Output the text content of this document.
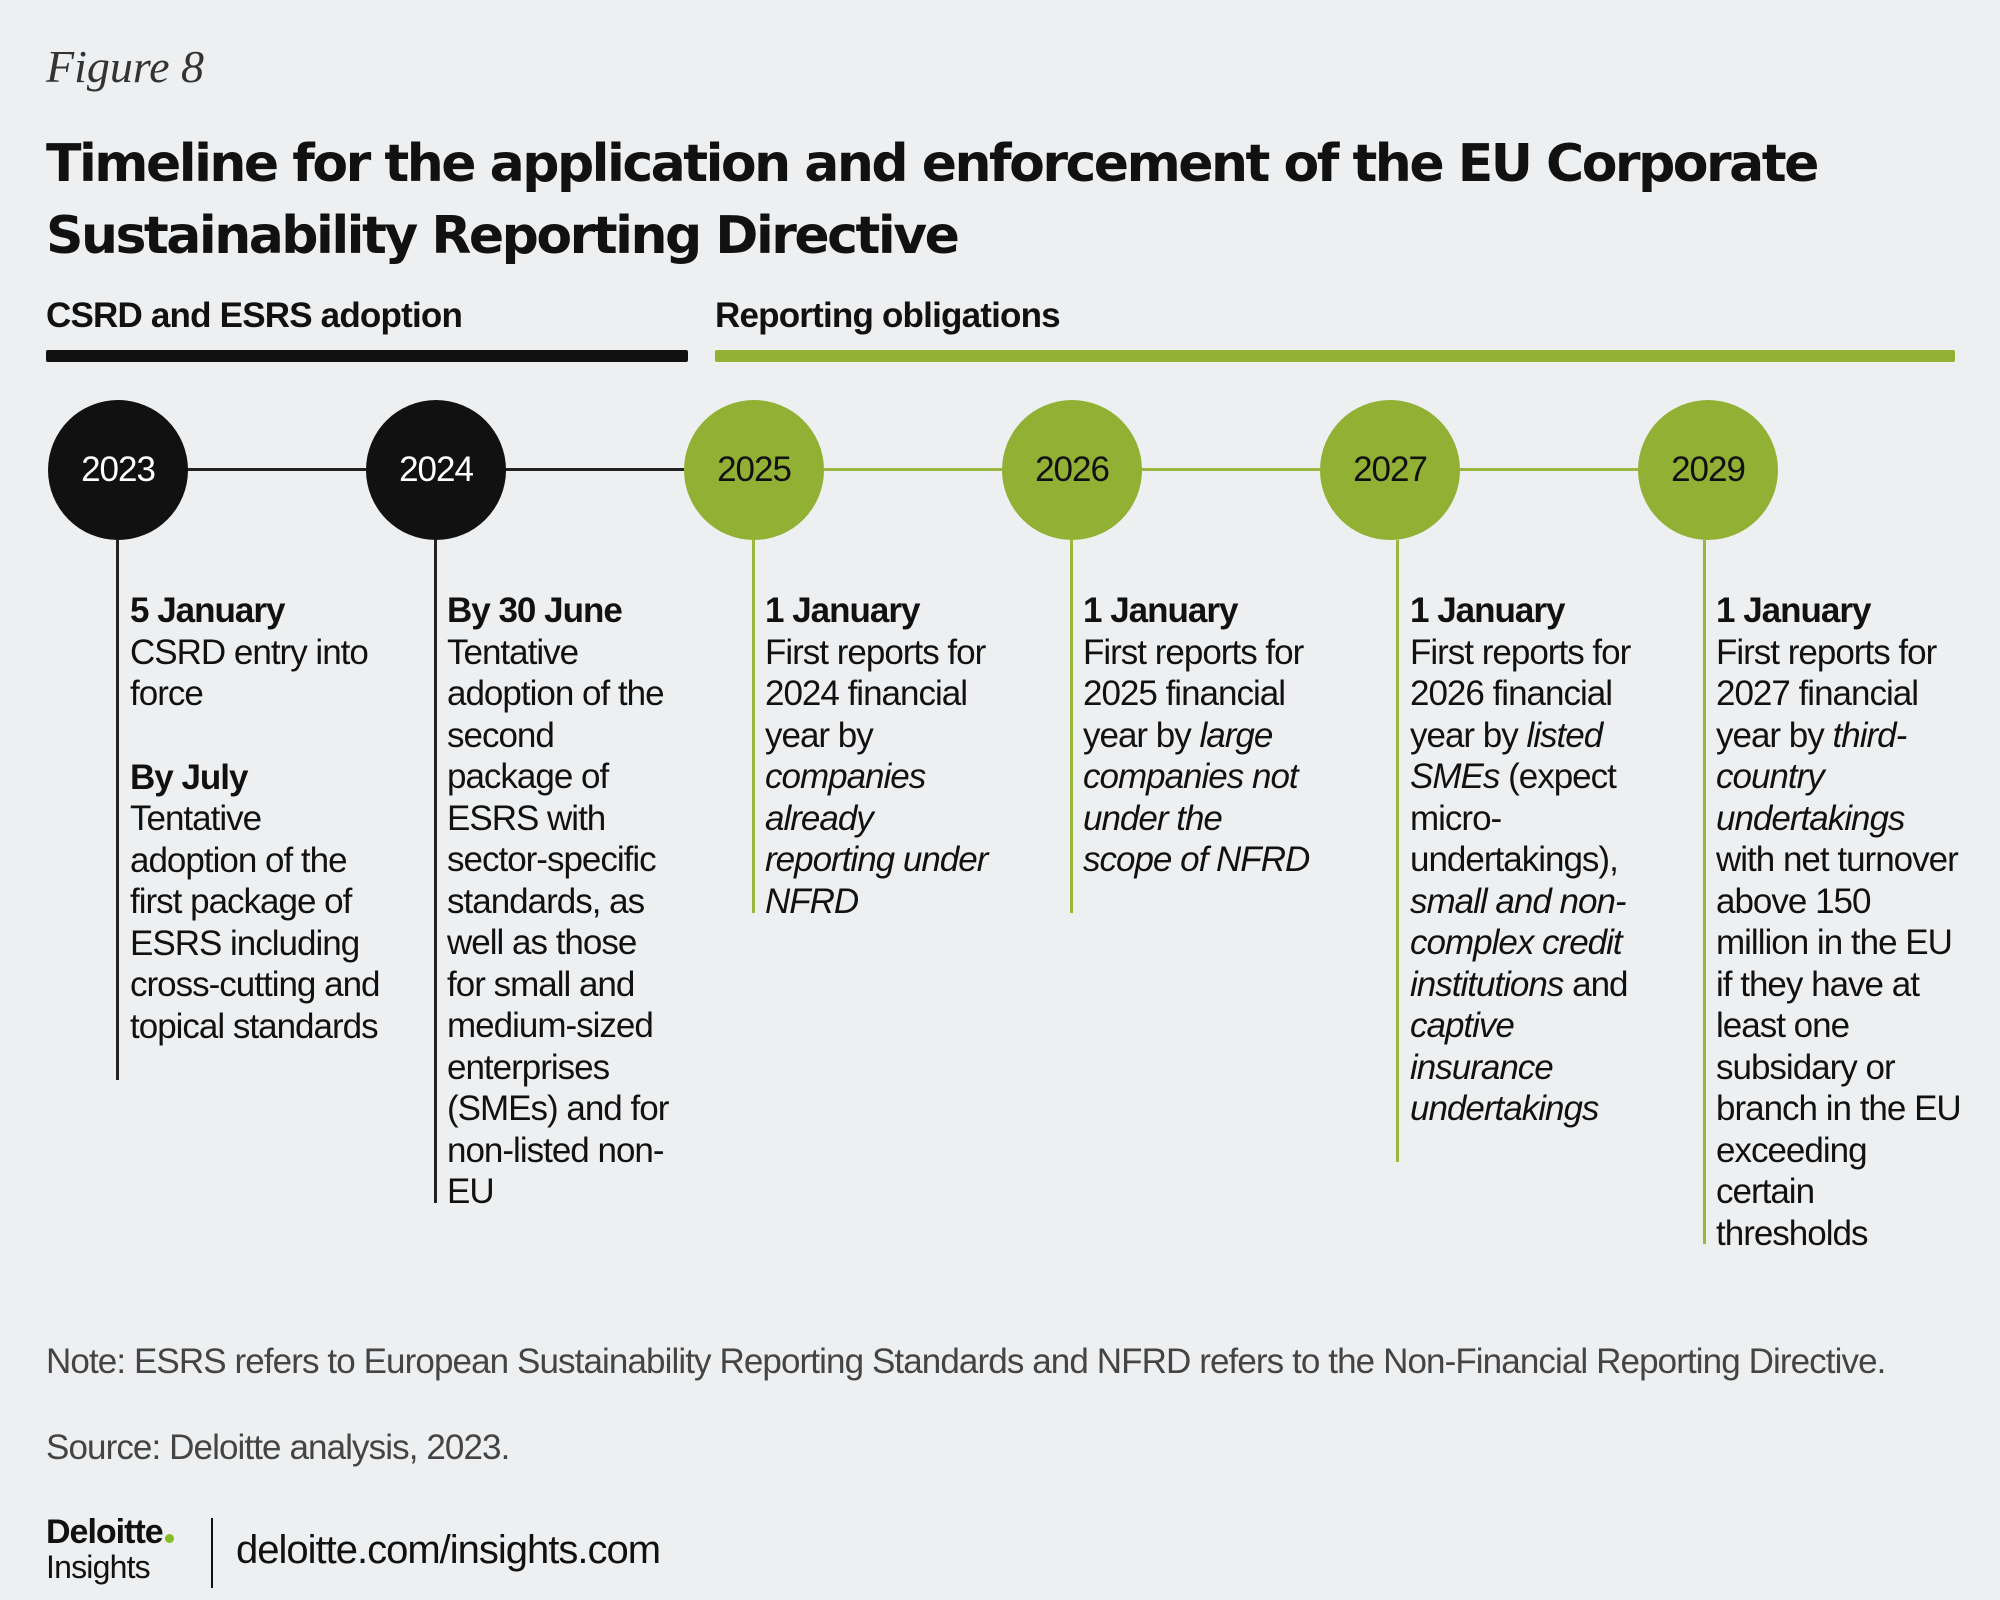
Figure 8
Timeline for the application and enforcement of the EU Corporate Sustainability Reporting Directive
CSRD and ESRS adoption	Reporting obligations
2023	2024	2025	2026	2027	2029
5 January
CSRD entry into force
By July
Tentative adoption of the first package of ESRS including cross-cutting and topical standards
By 30 June
Tentative adoption of the second package of ESRS with sector-specific standards, as well as those for small and medium-sized enterprises (SMEs) and for non-listed non-EU
1 January
First reports for 2024 financial year by companies already reporting under NFRD
1 January
First reports for 2025 financial year by large companies not under the scope of NFRD
1 January
First reports for 2026 financial year by listed SMEs (expect micro-undertakings), small and non-complex credit institutions and captive insurance undertakings
1 January
First reports for 2027 financial year by third-country undertakings with net turnover above 150 million in the EU if they have at least one subsidary or branch in the EU exceeding certain thresholds
Note: ESRS refers to European Sustainability Reporting Standards and NFRD refers to the Non-Financial Reporting Directive.
Source: Deloitte analysis, 2023.
Deloitte
Insights	deloitte.com/insights.com
